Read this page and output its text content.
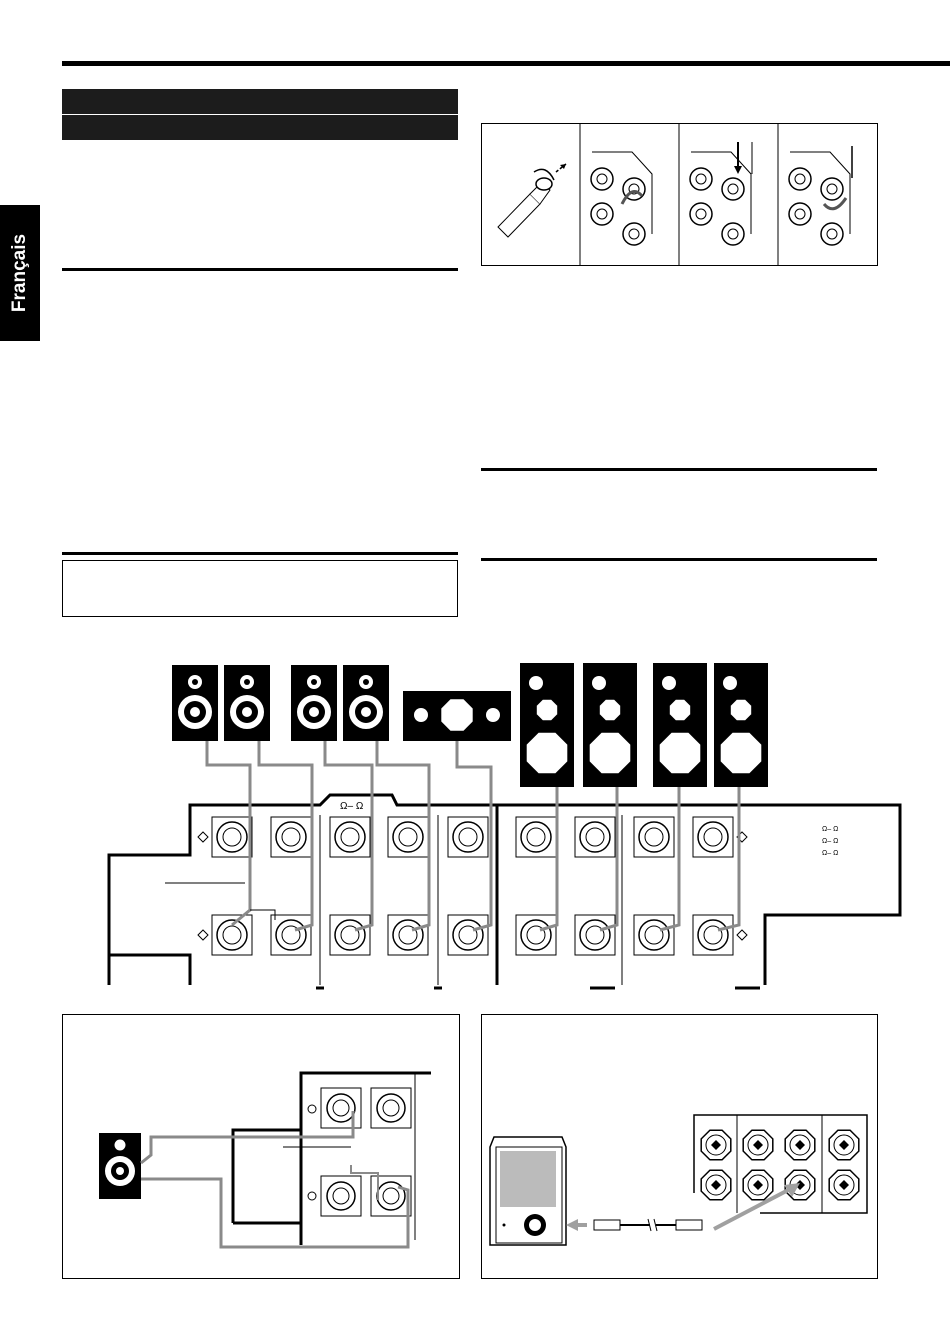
Français
Ω– Ω
Ω– Ω
Ω– Ω
Ω– Ω
